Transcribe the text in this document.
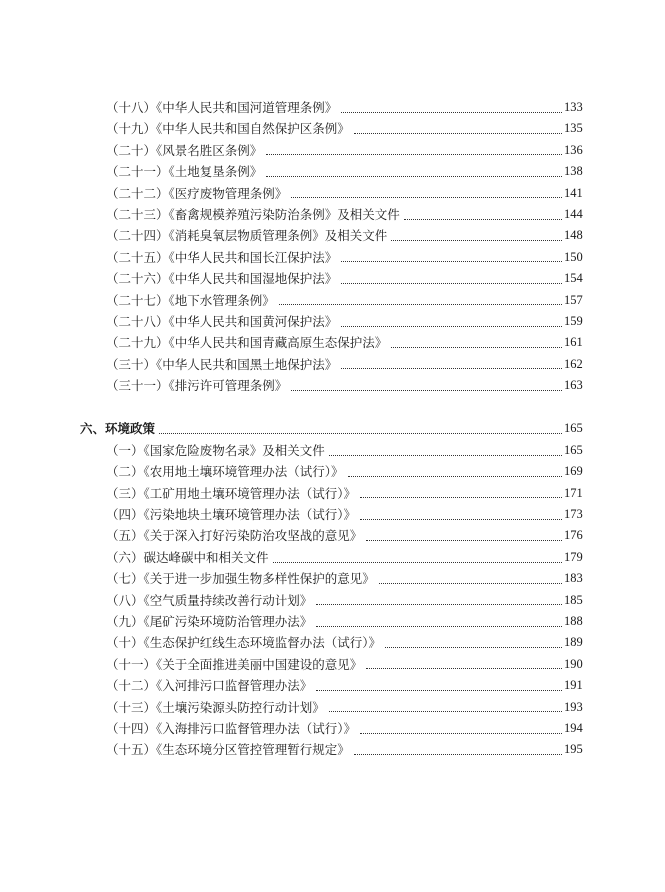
（十八）《中华人民共和国河道管理条例》	133
（十九）《中华人民共和国自然保护区条例》	135
（二十）《风景名胜区条例》	136
（二十一）《土地复垦条例》	138
（二十二）《医疗废物管理条例》	141
（二十三）《畜禽规模养殖污染防治条例》及相关文件	144
（二十四）《消耗臭氧层物质管理条例》及相关文件	148
（二十五）《中华人民共和国长江保护法》	150
（二十六）《中华人民共和国湿地保护法》	154
（二十七）《地下水管理条例》	157
（二十八）《中华人民共和国黄河保护法》	159
（二十九）《中华人民共和国青藏高原生态保护法》	161
（三十）《中华人民共和国黑土地保护法》	162
（三十一）《排污许可管理条例》	163
六、环境政策	165
（一）《国家危险废物名录》及相关文件	165
（二）《农用地土壤环境管理办法（试行）》	169
（三）《工矿用地土壤环境管理办法（试行）》	171
（四）《污染地块土壤环境管理办法（试行）》	173
（五）《关于深入打好污染防治攻坚战的意见》	176
（六）碳达峰碳中和相关文件	179
（七）《关于进一步加强生物多样性保护的意见》	183
（八）《空气质量持续改善行动计划》	185
（九）《尾矿污染环境防治管理办法》	188
（十）《生态保护红线生态环境监督办法（试行）》	189
（十一）《关于全面推进美丽中国建设的意见》	190
（十二）《入河排污口监督管理办法》	191
（十三）《土壤污染源头防控行动计划》	193
（十四）《入海排污口监督管理办法（试行）》	194
（十五）《生态环境分区管控管理暂行规定》	195
